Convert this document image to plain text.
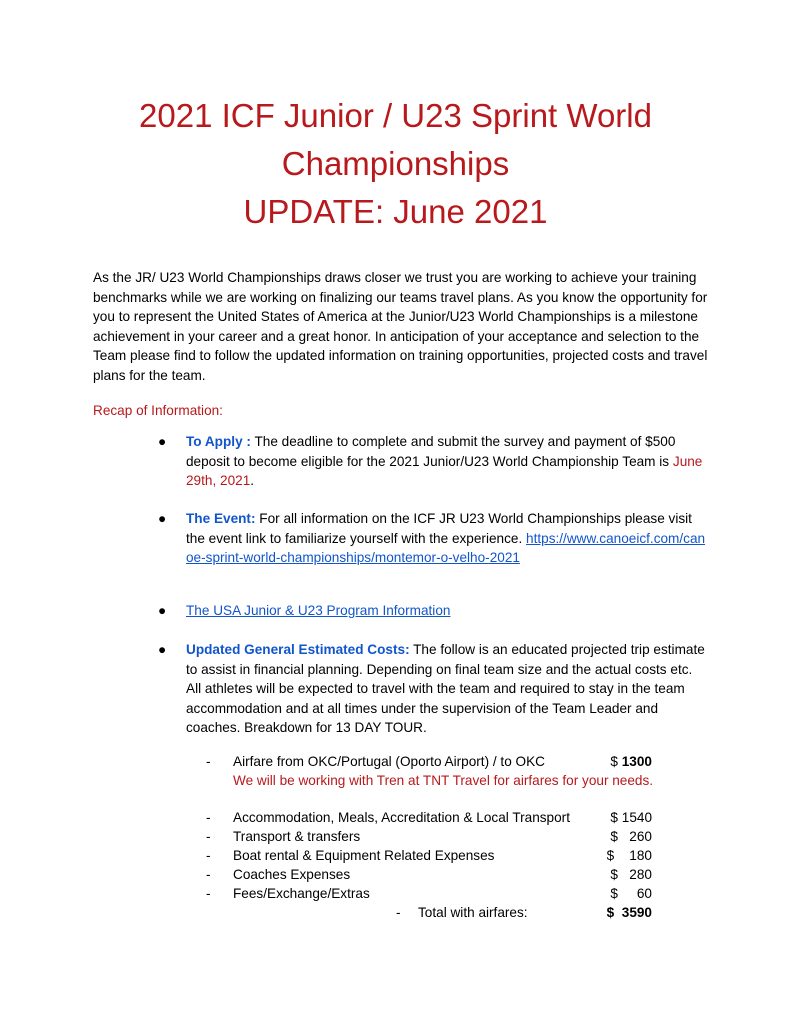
2021 ICF Junior / U23 Sprint World
Championships
UPDATE: June 2021

As the JR/ U23 World Championships draws closer we trust you are working to achieve your training benchmarks while we are working on finalizing our teams travel plans. As you know the opportunity for you to represent the United States of America at the Junior/U23 World Championships is a milestone achievement in your career and a great honor. In anticipation of your acceptance and selection to the Team please find to follow the updated information on training opportunities, projected costs and travel plans for the team.

Recap of Information:
●	To Apply : The deadline to complete and submit the survey and payment of $500 deposit to become eligible for the 2021 Junior/U23 World Championship Team is June 29th, 2021.
●	The Event: For all information on the ICF JR U23 World Championships please visit the event link to familiarize yourself with the experience. https://www.canoeicf.com/canoe-sprint-world-championships/montemor-o-velho-2021
●	The USA Junior & U23 Program Information
●	Updated General Estimated Costs: The follow is an educated projected trip estimate to assist in financial planning. Depending on final team size and the actual costs etc. All athletes will be expected to travel with the team and required to stay in the team accommodation and at all times under the supervision of the Team Leader and coaches. Breakdown for 13 DAY TOUR.
- Airfare from OKC/Portugal (Oporto Airport) / to OKC	$ 1300
We will be working with Tren at TNT Travel for airfares for your needs.
- Accommodation, Meals, Accreditation & Local Transport	$ 1540
- Transport & transfers	$   260
- Boat rental & Equipment Related Expenses	$    180
- Coaches Expenses	$   280
- Fees/Exchange/Extras	$     60
- Total with airfares:	$  3590
